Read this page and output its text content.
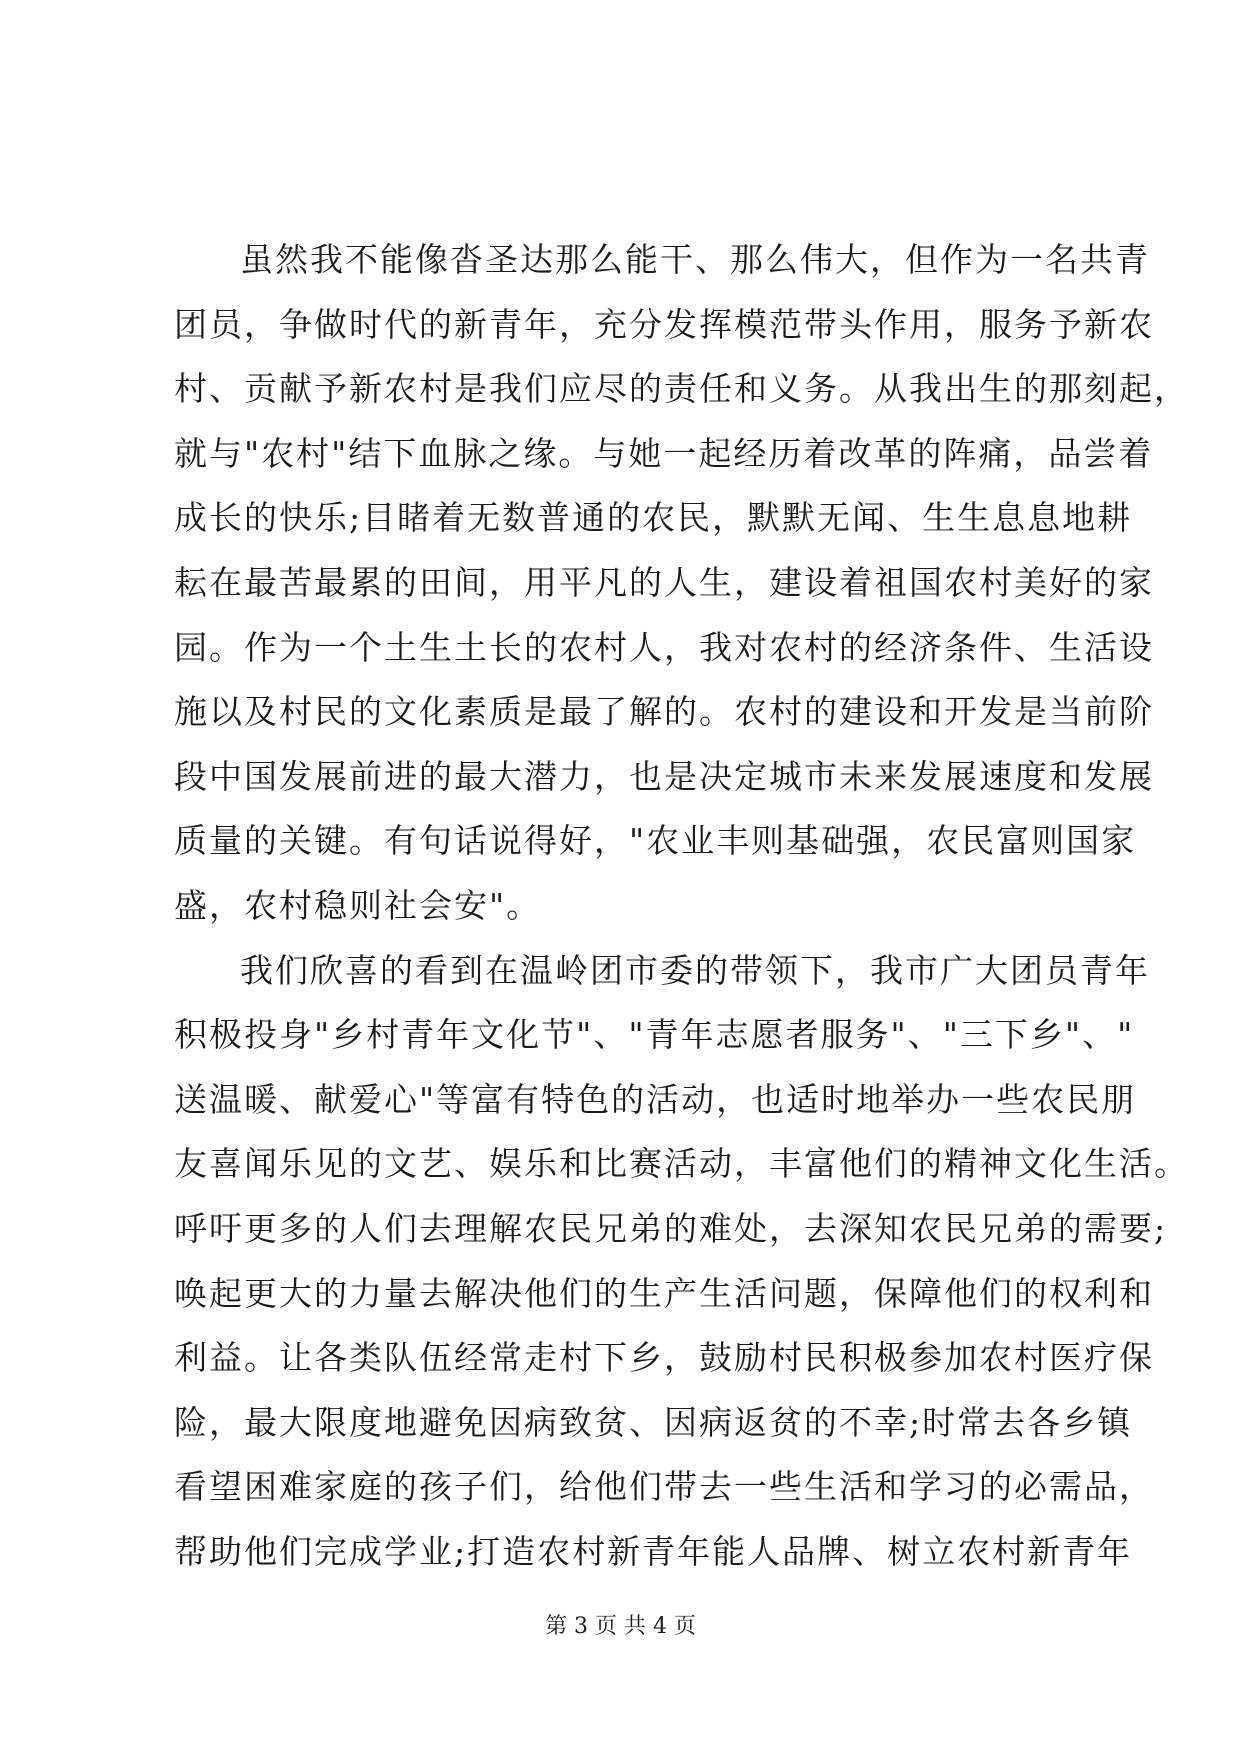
虽然我不能像沓圣达那么能干、那么伟大，但作为一名共青

团员，争做时代的新青年，充分发挥模范带头作用，服务予新农

村、贡献予新农村是我们应尽的责任和义务。从我出生的那刻起，

就与"农村"结下血脉之缘。与她一起经历着改革的阵痛，品尝着

成长的快乐;目睹着无数普通的农民，默默无闻、生生息息地耕

耘在最苦最累的田间，用平凡的人生，建设着祖国农村美好的家

园。作为一个土生土长的农村人，我对农村的经济条件、生活设

施以及村民的文化素质是最了解的。农村的建设和开发是当前阶

段中国发展前进的最大潜力，也是决定城市未来发展速度和发展

质量的关键。有句话说得好，"农业丰则基础强，农民富则国家

盛，农村稳则社会安"。

我们欣喜的看到在温岭团市委的带领下，我市广大团员青年

积极投身"乡村青年文化节"、"青年志愿者服务"、"三下乡"、"

送温暖、献爱心"等富有特色的活动，也适时地举办一些农民朋

友喜闻乐见的文艺、娱乐和比赛活动，丰富他们的精神文化生活。

呼吁更多的人们去理解农民兄弟的难处，去深知农民兄弟的需要;

唤起更大的力量去解决他们的生产生活问题，保障他们的权利和

利益。让各类队伍经常走村下乡，鼓励村民积极参加农村医疗保

险，最大限度地避免因病致贫、因病返贫的不幸;时常去各乡镇

看望困难家庭的孩子们，给他们带去一些生活和学习的必需品，

帮助他们完成学业;打造农村新青年能人品牌、树立农村新青年

第 3 页 共 4 页
